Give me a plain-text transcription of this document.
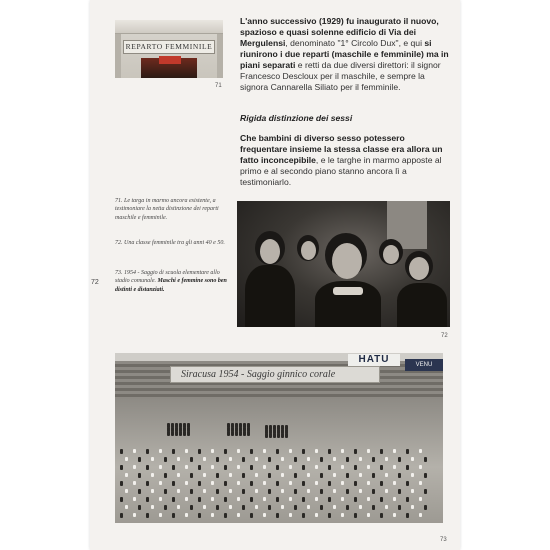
REPARTO FEMMINILE
71
L'anno successivo (1929) fu inaugurato il nuovo, spazioso e quasi solenne edificio di Via dei Mergulensi, denominato "1° Circolo Dux", e qui si riunirono i due reparti (maschile e femminile) ma in piani separati e retti da due diversi direttori: il signor Francesco Descloux per il maschile, e sempre la signora Cannarella Siliato per il femminile.
Rigida distinzione dei sessi
Che bambini di diverso sesso potessero frequentare insieme la stessa classe era allora un fatto inconcepibile, e le targhe in marmo apposte al primo e al secondo piano stanno ancora lì a testimoniarlo.
71. Le targa in marmo ancora esistente, a testimoniare la netta distinzione dei reparti maschile e femminile.
72. Una classe femminile tra gli anni 40 e 50.
73. 1954 - Saggio di scuola elementare allo stadio comunale. Maschi e femmine sono ben distinti e distanziati.
72
72
HATU	VENU
Siracusa 1954 - Saggio ginnico corale
73
